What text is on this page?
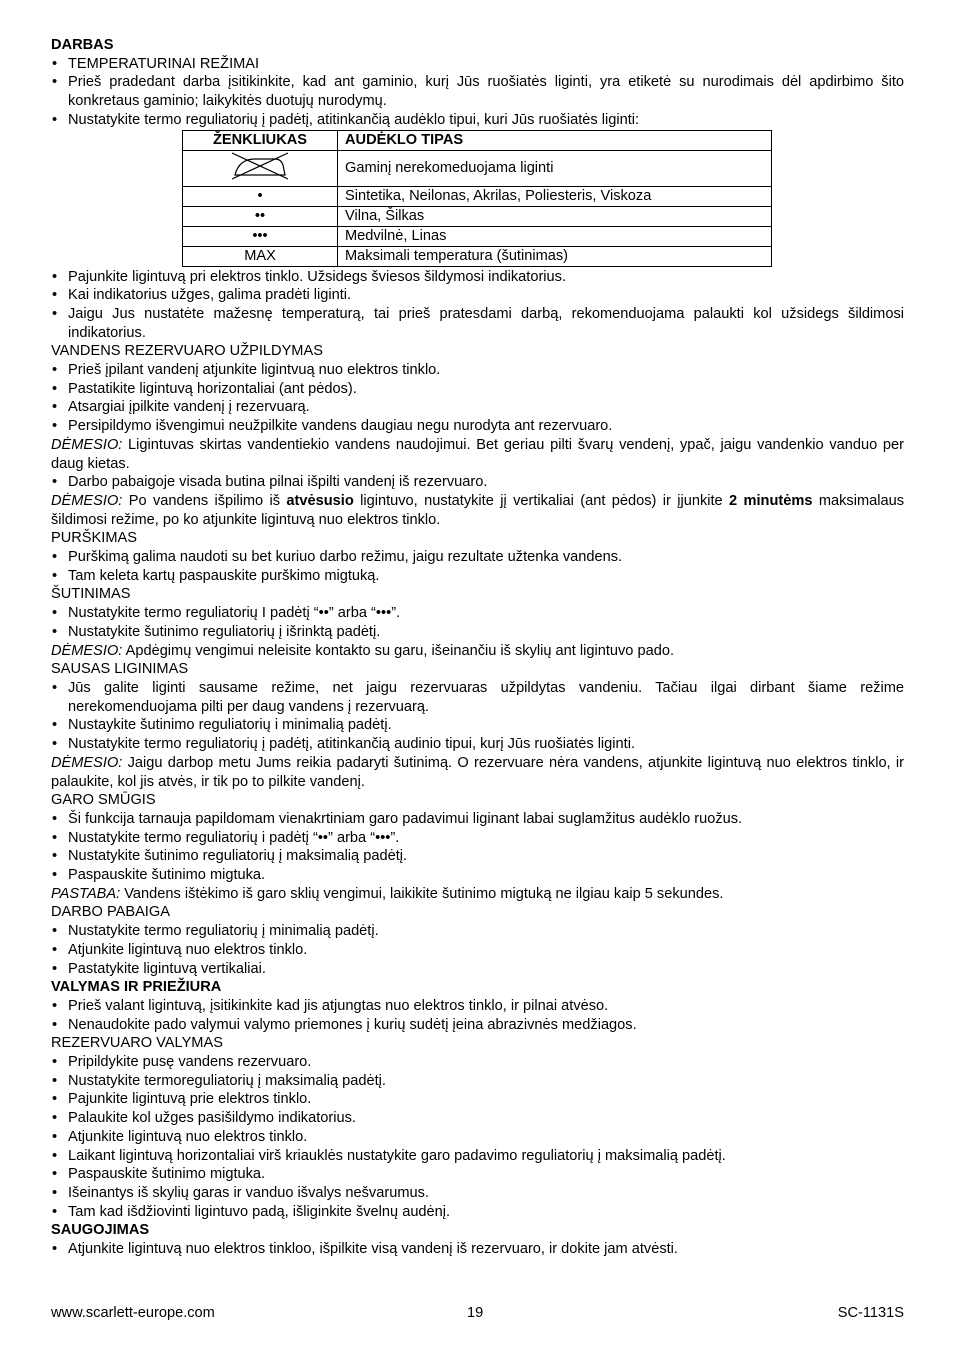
DARBAS
• TEMPERATURINAI REŽIMAI
• Prieš pradedant darba įsitikinkite, kad ant gaminio, kurį Jūs ruošiatės liginti, yra etiketė su nurodimais dėl apdirbimo šito konkretaus gaminio; laikykitės duotujų nurodymų.
• Nustatykite termo reguliatorių į padėtį, atitinkančią audėklo tipui, kuri Jūs ruošiatės liginti:
ŽENKLIUKAS	AUDĖKLO TIPAS
	Gaminį nerekomeduojama liginti
•	Sintetika, Neilonas, Akrilas, Poliesteris, Viskoza
••	Vilna, Šilkas
•••	Medvilnė, Linas
MAX	Maksimali temperatura (šutinimas)
• Pajunkite ligintuvą pri elektros tinklo. Užsidegs šviesos šildymosi indikatorius.
• Kai indikatorius užges, galima pradėti liginti.
• Jaigu Jus nustatėte mažesnę temperaturą, tai prieš pratesdami darbą, rekomenduojama palaukti kol užsidegs šildimosi indikatorius.
VANDENS REZERVUARO UŽPILDYMAS
• Prieš įpilant vandenį atjunkite ligintvuą nuo elektros tinklo.
• Pastatikite ligintuvą horizontaliai (ant pėdos).
• Atsargiai įpilkite vandenį į rezervuarą.
• Persipildymo išvengimui neužpilkite vandens daugiau negu nurodyta ant rezervuaro.
DĖMESIO: Ligintuvas skirtas vandentiekio vandens naudojimui. Bet geriau pilti švarų vendenį, ypač, jaigu vandenkio vanduo per daug kietas.
• Darbo pabaigoje visada butina pilnai išpilti vandenį iš rezervuaro.
DĖMESIO: Po vandens išpilimo iš atvėsusio ligintuvo, nustatykite jį vertikaliai (ant pėdos) ir įjunkite 2 minutėms maksimalaus šildimosi režime, po ko atjunkite ligintuvą nuo elektros tinklo.
PURŠKIMAS
• Purškimą galima naudoti su bet kuriuo darbo režimu, jaigu rezultate užtenka vandens.
• Tam keleta kartų paspauskite purškimo migtuką.
ŠUTINIMAS
• Nustatykite termo reguliatorių I padėtį “••” arba “•••”.
• Nustatykite šutinimo reguliatorių į išrinktą padėtį.
DĖMESIO: Apdėgimų vengimui neleisite kontakto su garu, išeinančiu iš skylių ant ligintuvo pado.
SAUSAS LIGINIMAS
• Jūs galite liginti sausame režime, net jaigu rezervuaras užpildytas vandeniu. Tačiau ilgai dirbant šiame režime nerekomenduojama pilti per daug vandens į rezervuarą.
• Nustaykite šutinimo reguliatorių i minimalią padėtį.
• Nustatykite termo reguliatorių į padėtį, atitinkančią audinio tipui, kurį Jūs ruošiatės liginti.
DĖMESIO: Jaigu darbop metu Jums reikia padaryti šutinimą. O rezervuare nėra vandens, atjunkite ligintuvą nuo elektros tinklo, ir palaukite, kol jis atvės, ir tik po to pilkite vandenį.
GARO SMŪGIS
• Ši funkcija tarnauja papildomam vienakrtiniam garo padavimui liginant labai suglamžitus audėklo ruožus.
• Nustatykite termo reguliatorių i padėtį “••” arba “•••”.
• Nustatykite šutinimo reguliatorių į maksimalią padėtį.
• Paspauskite šutinimo migtuka.
PASTABA: Vandens ištėkimo iš garo sklių vengimui, laikikite šutinimo migtuką ne ilgiau kaip 5 sekundes.
DARBO PABAIGA
• Nustatykite termo reguliatorių į minimalią padėtį.
• Atjunkite ligintuvą nuo elektros tinklo.
• Pastatykite ligintuvą vertikaliai.
VALYMAS IR PRIEŽIURA
• Prieš valant ligintuvą, įsitikinkite kad jis atjungtas nuo elektros tinklo, ir pilnai atvėso.
• Nenaudokite pado valymui valymo priemones į kurių sudėtį įeina abrazivnės medžiagos.
REZERVUARO VALYMAS
• Pripildykite pusę vandens rezervuaro.
• Nustatykite termoreguliatorių į maksimalią padėtį.
• Pajunkite ligintuvą prie elektros tinklo.
• Palaukite kol užges pasišildymo indikatorius.
• Atjunkite ligintuvą nuo elektros tinklo.
• Laikant ligintuvą horizontaliai virš kriauklės nustatykite garo padavimo reguliatorių į maksimalią padėtį.
• Paspauskite šutinimo migtuka.
• Išeinantys iš skylių garas ir vanduo išvalys nešvarumus.
• Tam kad išdžiovinti ligintuvo padą, išliginkite švelnų audėnį.
SAUGOJIMAS
• Atjunkite ligintuvą nuo elektros tinkloo, išpilkite visą vandenį iš rezervuaro, ir dokite jam atvėsti.
www.scarlett-europe.com	19	SC-1131S
